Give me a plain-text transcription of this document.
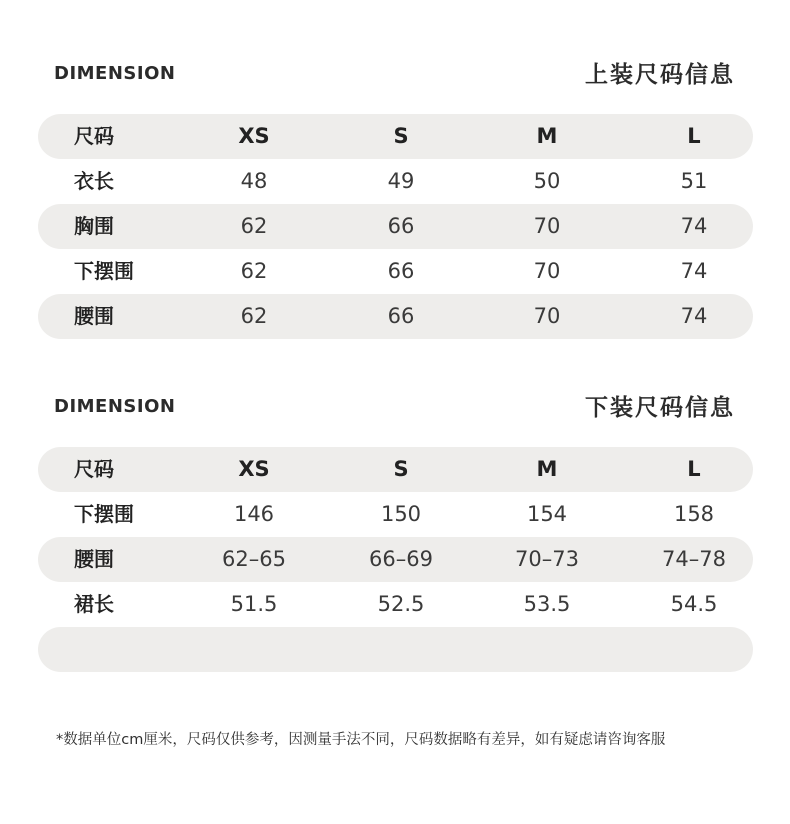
DIMENSION	上装尺码信息
尺码	XS	S	M	L
衣长	48	49	50	51
胸围	62	66	70	74
下摆围	62	66	70	74
腰围	62	66	70	74
DIMENSION	下装尺码信息
尺码	XS	S	M	L
下摆围	146	150	154	158
腰围	62–65	66–69	70–73	74–78
裙长	51.5	52.5	53.5	54.5
*数据单位cm厘米，尺码仅供参考，因测量手法不同，尺码数据略有差异，如有疑虑请咨询客服
